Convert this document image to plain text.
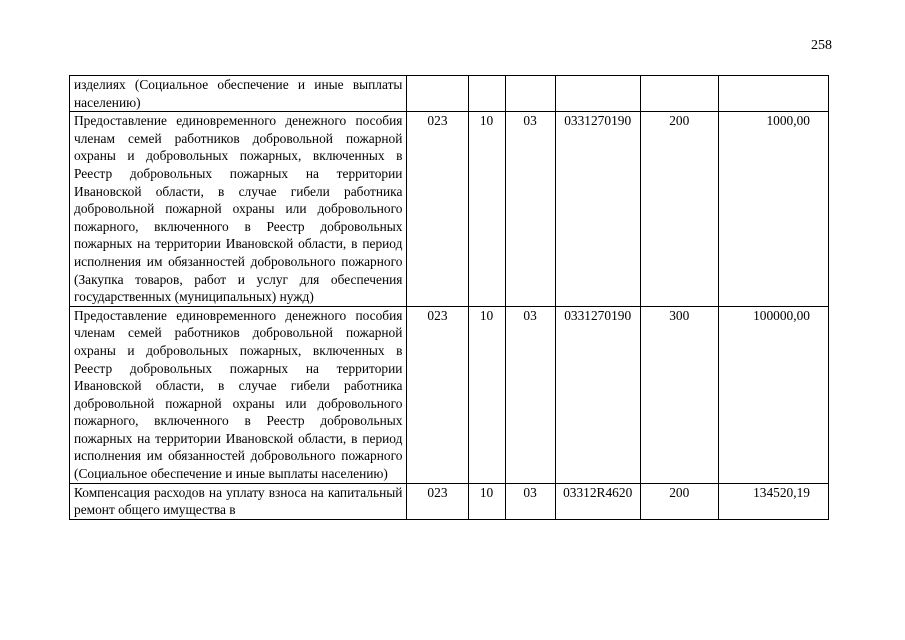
258
изделиях (Социальное обеспечение и иные выплаты населению)						
Предоставление единовременного денежного пособия членам семей работников добровольной пожарной охраны и добровольных пожарных, включенных в Реестр добровольных пожарных на территории Ивановской области, в случае гибели работника добровольной пожарной охраны или добровольного пожарного, включенного в Реестр добровольных пожарных на территории Ивановской области, в период исполнения им обязанностей добровольного пожарного (Закупка товаров, работ и услуг для обеспечения государственных (муниципальных) нужд)	023	10	03	0331270190	200	1000,00
Предоставление единовременного денежного пособия членам семей работников добровольной пожарной охраны и добровольных пожарных, включенных в Реестр добровольных пожарных на территории Ивановской области, в случае гибели работника добровольной пожарной охраны или добровольного пожарного, включенного в Реестр добровольных пожарных на территории Ивановской области, в период исполнения им обязанностей добровольного пожарного (Социальное обеспечение и иные выплаты населению)	023	10	03	0331270190	300	100000,00
Компенсация расходов на уплату взноса на капитальный ремонт общего имущества в	023	10	03	03312R4620	200	134520,19
